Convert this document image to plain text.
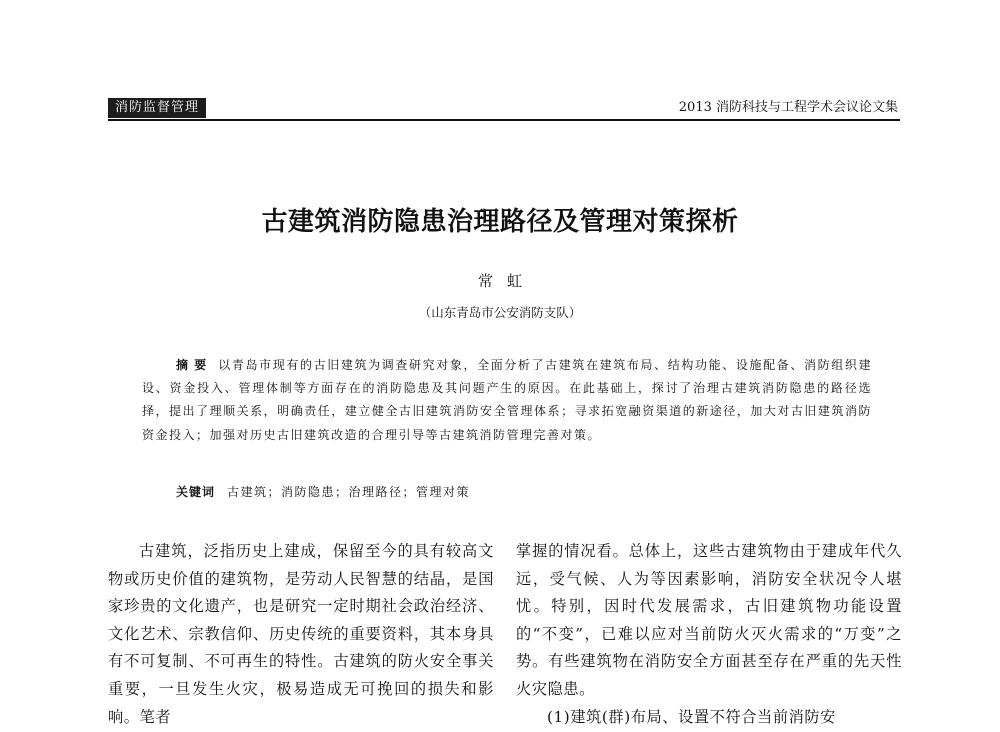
消防监督管理	2013 消防科技与工程学术会议论文集
古建筑消防隐患治理路径及管理对策探析
常虹
（山东青岛市公安消防支队）
摘要 以青岛市现有的古旧建筑为调查研究对象，全面分析了古建筑在建筑布局、结构功能、设施配备、消防组织建设、资金投入、管理体制等方面存在的消防隐患及其问题产生的原因。在此基础上，探讨了治理古建筑消防隐患的路径选择，提出了理顺关系，明确责任，建立健全古旧建筑消防安全管理体系；寻求拓宽融资渠道的新途径，加大对古旧建筑消防资金投入；加强对历史古旧建筑改造的合理引导等古建筑消防管理完善对策。
关键词 古建筑；消防隐患；治理路径；管理对策

古建筑，泛指历史上建成，保留至今的具有较高文物或历史价值的建筑物，是劳动人民智慧的结晶，是国家珍贵的文化遗产，也是研究一定时期社会政治经济、文化艺术、宗教信仰、历史传统的重要资料，其本身具有不可复制、不可再生的特性。古建筑的防火安全事关重要，一旦发生火灾，极易造成无可挽回的损失和影响。笔者

掌握的情况看。总体上，这些古建筑物由于建成年代久远，受气候、人为等因素影响，消防安全状况令人堪忧。特别，因时代发展需求，古旧建筑物功能设置的“不变”，已难以应对当前防火灭火需求的“万变”之势。有些建筑物在消防安全方面甚至存在严重的先天性火灾隐患。

(1)建筑(群)布局、设置不符合当前消防安
